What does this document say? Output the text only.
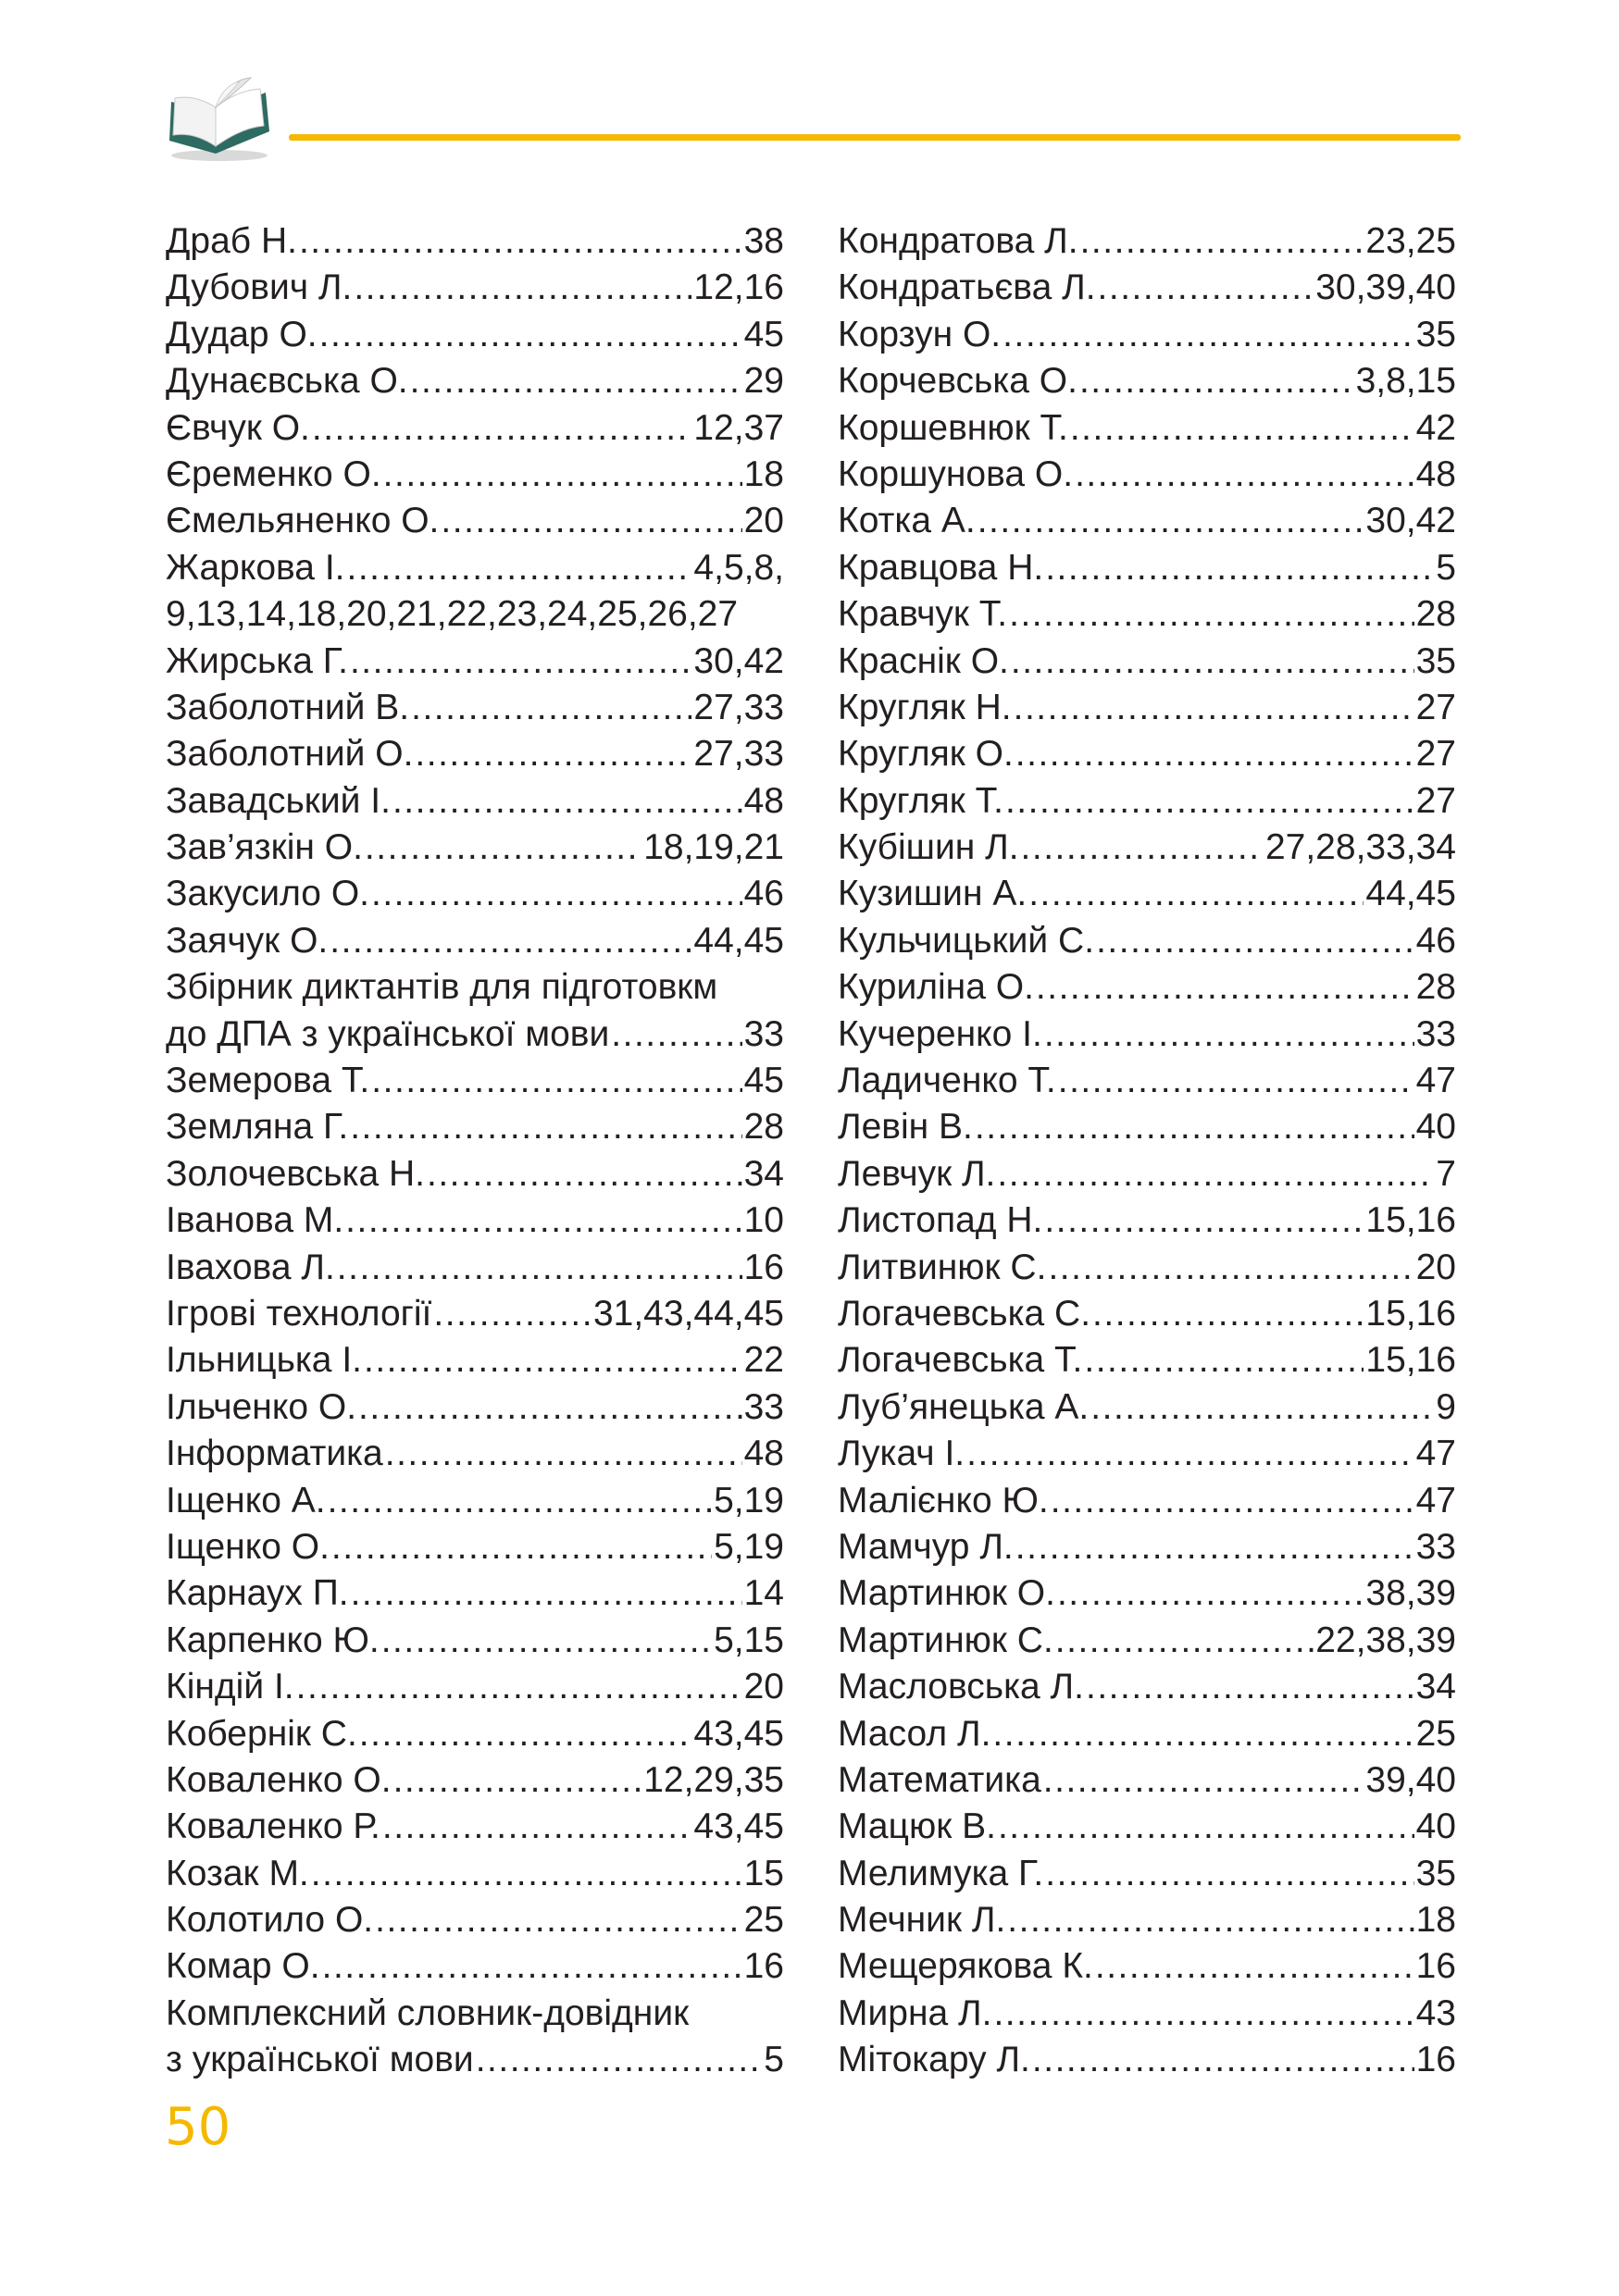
Драб Н. .....	38
Дубович Л. .....	12,16
Дудар О. .....	45
Дунаєвська О. .....	29
Євчук О. .....	12,37
Єременко О. .....	18
Ємельяненко О. .....	20
Жаркова І. .....	4,5,8,
9,13,14,18,20,21,22,23,24,25,26,27
Жирська Г. .....	30,42
Заболотний В. .....	27,33
Заболотний О. .....	27,33
Завадський І. .....	48
Зав’язкін О. .....	18,19,21
Закусило О. .....	46
Заячук О. .....	44,45
Збірник диктантів для підготовкм
до ДПА з української мови .....	33
Земерова Т. .....	45
Земляна Г. .....	28
Золочевська Н. .....	34
Іванова М. .....	10
Івахова Л. .....	16
Ігрові технології .....	31,43,44,45
Ільницька І. .....	22
Ільченко О. .....	33
Інформатика .....	48
Іщенко А. .....	5,19
Іщенко О. .....	5,19
Карнаух П. .....	14
Карпенко Ю. .....	5,15
Кіндій І. .....	20
Кобернік С. .....	43,45
Коваленко О. .....	12,29,35
Коваленко Р. .....	43,45
Козак М. .....	15
Колотило О. .....	25
Комар О. .....	16
Комплексний словник-довідник
з української мови .....	5
Кондратова Л. .....	23,25
Кондратьєва Л. .....	30,39,40
Корзун О. .....	35
Корчевська О. .....	3,8,15
Коршевнюк Т. .....	42
Коршунова О. .....	48
Котка А. .....	30,42
Кравцова Н. .....	5
Кравчук Т. .....	28
Краснік О. .....	35
Кругляк Н. .....	27
Кругляк О. .....	27
Кругляк Т. .....	27
Кубішин Л. .....	27,28,33,34
Кузишин А. .....	44,45
Кульчицький С. .....	46
Куриліна О. .....	28
Кучеренко І. .....	33
Ладиченко Т. .....	47
Левін В. .....	40
Левчук Л. .....	7
Листопад Н. .....	15,16
Литвинюк С. .....	20
Логачевська С. .....	15,16
Логачевська Т. .....	15,16
Луб’янецька А. .....	9
Лукач І. .....	47
Малієнко Ю. .....	47
Мамчур Л. .....	33
Мартинюк О. .....	38,39
Мартинюк С. .....	22,38,39
Масловська Л. .....	34
Масол Л. .....	25
Математика .....	39,40
Мацюк В. .....	40
Мелимука Г. .....	35
Мечник Л. .....	18
Мещерякова К. .....	16
Мирна Л. .....	43
Мітокару Л. .....	16
50
